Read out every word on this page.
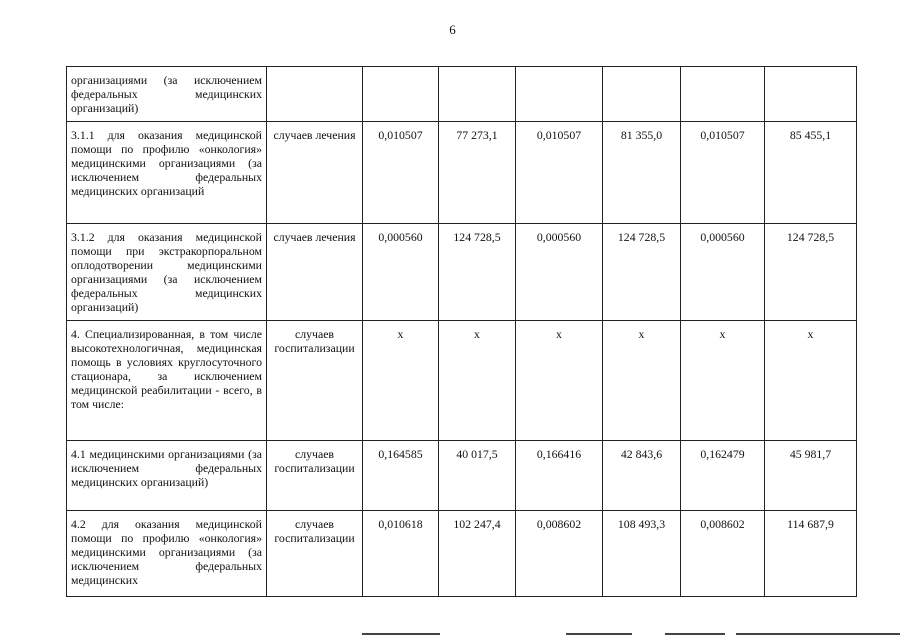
6
организациями (за исключением федеральных медицинских организаций)							
3.1.1 для оказания медицинской помощи по профилю «онкология» медицинскими организациями (за исключением федеральных медицинских организаций	случаев лечения	0,010507	77 273,1	0,010507	81 355,0	0,010507	85 455,1
3.1.2 для оказания медицинской помощи при экстракорпоральном оплодотворении медицинскими организациями (за исключением федеральных медицинских организаций)	случаев лечения	0,000560	124 728,5	0,000560	124 728,5	0,000560	124 728,5
4. Специализированная, в том числе высокотехнологичная, медицинская помощь в условиях круглосуточного стационара, за исключением медицинской реабилитации - всего, в том числе:	случаев госпитализации	x	x	x	x	x	x
4.1 медицинскими организациями (за исключением федеральных медицинских организаций)	случаев госпитализации	0,164585	40 017,5	0,166416	42 843,6	0,162479	45 981,7
4.2 для оказания медицинской помощи по профилю «онкология» медицинскими организациями (за исключением федеральных медицинских	случаев госпитализации	0,010618	102 247,4	0,008602	108 493,3	0,008602	114 687,9
